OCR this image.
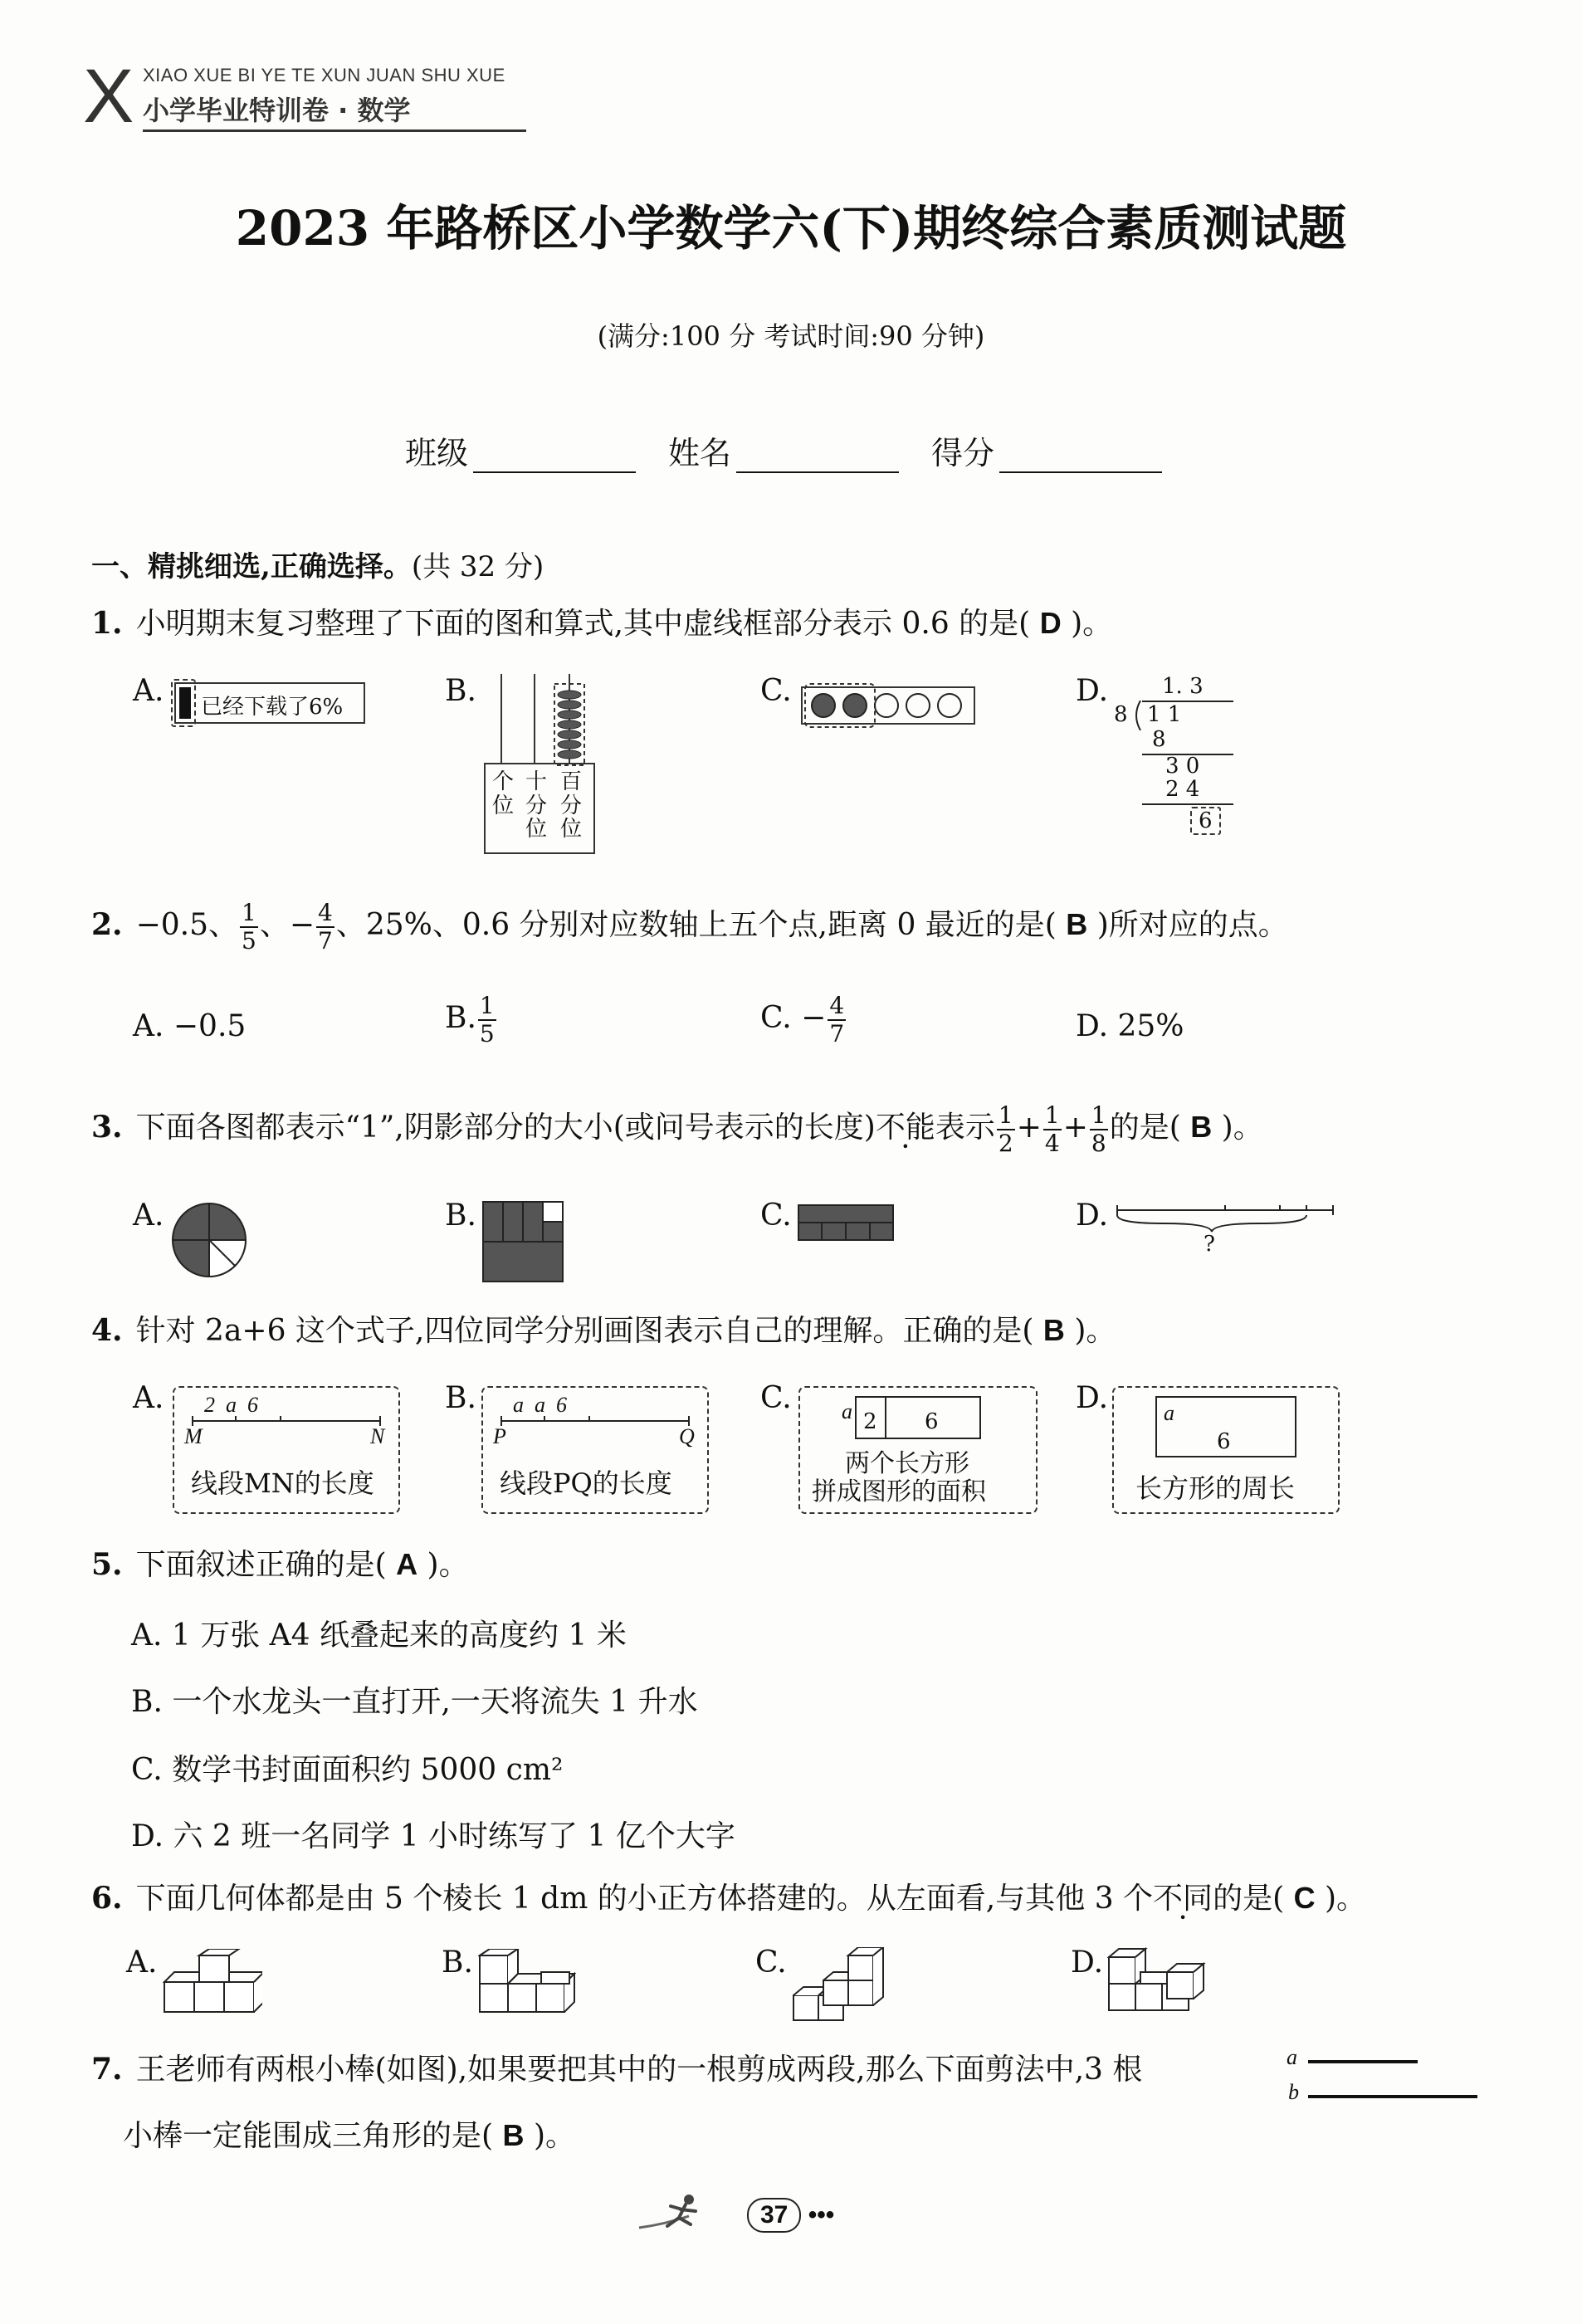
X XIAO XUE BI YE TE XUN JUAN SHU XUE
小学毕业特训卷 · 数学
2023 年路桥区小学数学六(下)期终综合素质测试题
(满分:100 分 考试时间:90 分钟)
班级	姓名	得分
一、精挑细选,正确选择。(共 32 分)
1. 小明期末复习整理了下面的图和算式,其中虚线框部分表示 0.6 的是( D )。
A. 已经下载了6%	B.
个
位
十
分
位
百
分
位
C.	D. 1. 3
8 1 1
8
3 0
2 4
6
2. −0.5、 $\frac{1}{5}$ 、− $\frac{4}{7}$ 、25%、0.6 分别对应数轴上五个点,距离 0 最近的是( B )所对应的点。
A. −0.5	B. $\frac{1}{5}$	C. − $\frac{4}{7}$	D. 25%
3. 下面各图都表示“1”,阴影部分的大小(或问号表示的长度)不能表示 $\frac{1}{2} + \frac{1}{4} + \frac{1}{8}$ 的是( B )。
A.	B.	C.	D.
?
4. 针对 2a+6 这个式子,四位同学分别画图表示自己的理解。正确的是( B )。
A. 2  a  6
M	N
线段MN的长度
B. a  a  6
P	Q
线段PQ的长度
C. a 2 6
两个长方形
拼成图形的面积
D.	a
6
长方形的周长
5. 下面叙述正确的是( A )。
A. 1 万张 A4 纸叠起来的高度约 1 米
B. 一个水龙头一直打开,一天将流失 1 升水
C. 数学书封面面积约 5000 cm²
D. 六 2 班一名同学 1 小时练写了 1 亿个大字
6. 下面几何体都是由 5 个棱长 1 dm 的小正方体搭建的。从左面看,与其他 3 个不同的是( C )。
A.	B.	C.	D.
7. 王老师有两根小棒(如图),如果要把其中的一根剪成两段,那么下面剪法中,3 根
小棒一定能围成三角形的是( B )。
a
b
37 •••
